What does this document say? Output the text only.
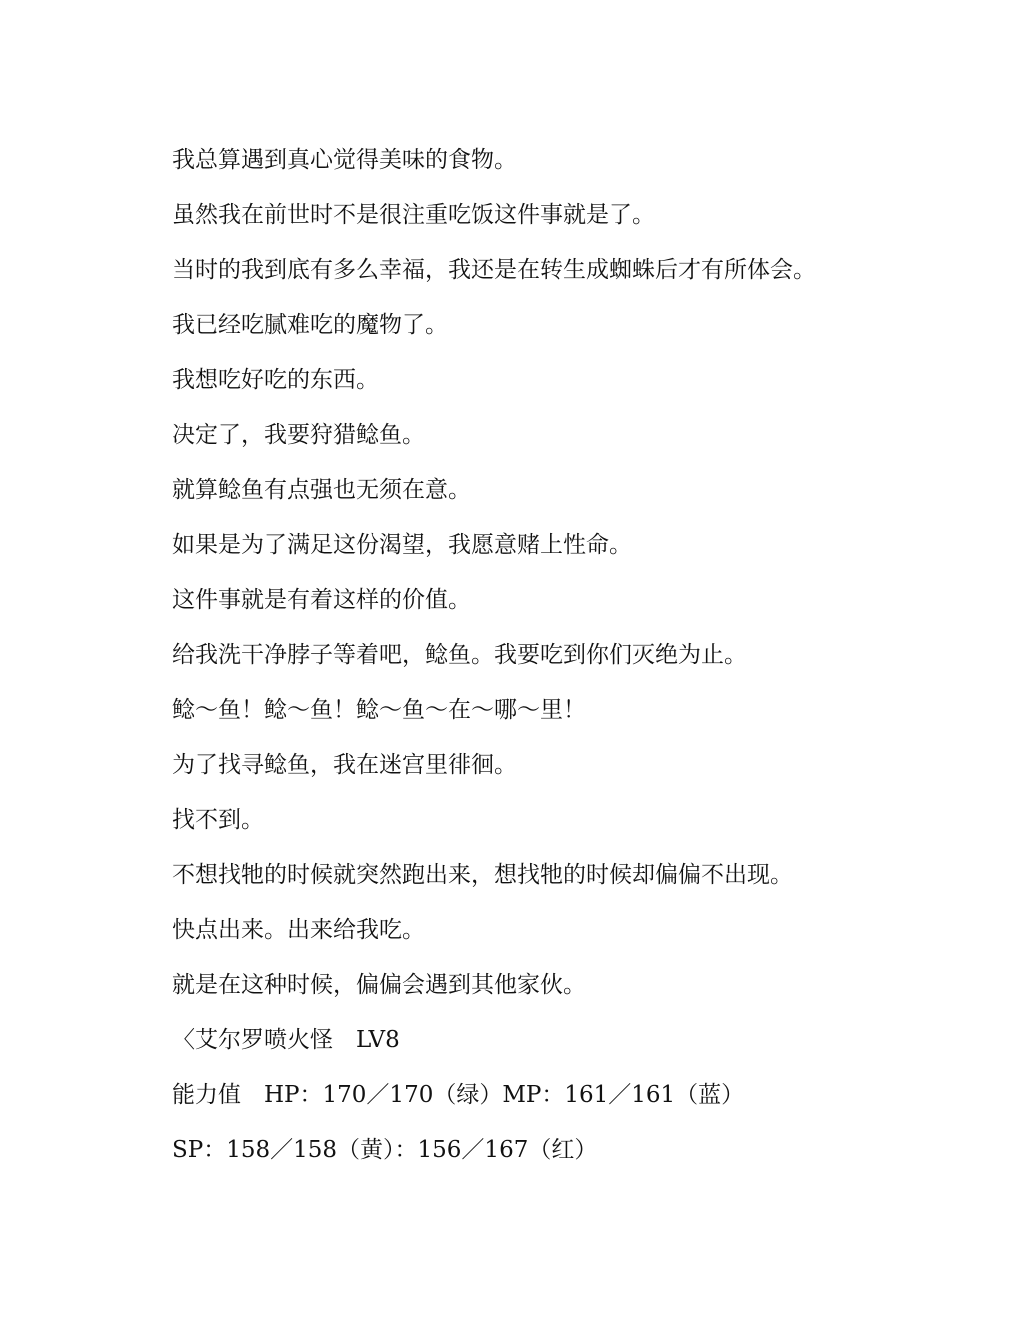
我总算遇到真心觉得美味的食物。

虽然我在前世时不是很注重吃饭这件事就是了。

当时的我到底有多么幸福，我还是在转生成蜘蛛后才有所体会。

我已经吃腻难吃的魔物了。

我想吃好吃的东西。

决定了，我要狩猎鲶鱼。

就算鲶鱼有点强也无须在意。

如果是为了满足这份渴望，我愿意赌上性命。

这件事就是有着这样的价值。

给我洗干净脖子等着吧，鲶鱼。我要吃到你们灭绝为止。

鲶～鱼！鲶～鱼！鲶～鱼～在～哪～里！

为了找寻鲶鱼，我在迷宫里徘徊。

找不到。

不想找牠的时候就突然跑出来，想找牠的时候却偏偏不出现。

快点出来。出来给我吃。

就是在这种时候，偏偏会遇到其他家伙。

〈艾尔罗喷火怪　LV8

能力值　HP：170／170（绿）MP：161／161（蓝）

SP：158／158（黄）：156／167（红）
